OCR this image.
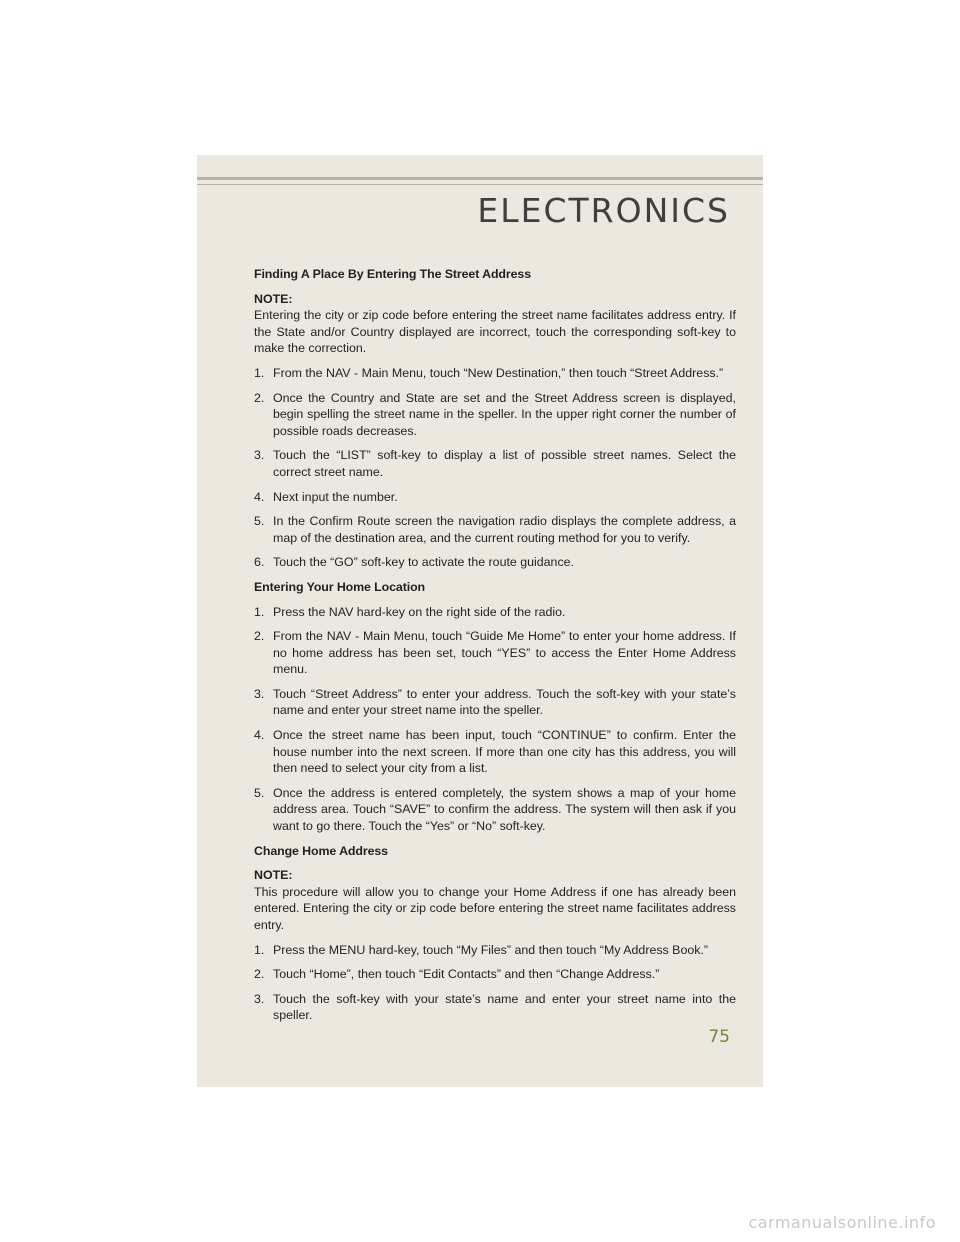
ELECTRONICS

Finding A Place By Entering The Street Address

NOTE:

Entering the city or zip code before entering the street name facilitates address entry. If the State and/or Country displayed are incorrect, touch the corresponding soft-key to make the correction.

1. From the NAV - Main Menu, touch “New Destination,” then touch “Street Address.”
2. Once the Country and State are set and the Street Address screen is displayed, begin spelling the street name in the speller. In the upper right corner the number of possible roads decreases.
3. Touch the “LIST” soft-key to display a list of possible street names. Select the correct street name.
4. Next input the number.
5. In the Confirm Route screen the navigation radio displays the complete address, a map of the destination area, and the current routing method for you to verify.
6. Touch the “GO” soft-key to activate the route guidance.

Entering Your Home Location

1. Press the NAV hard-key on the right side of the radio.
2. From the NAV - Main Menu, touch “Guide Me Home” to enter your home address. If no home address has been set, touch “YES” to access the Enter Home Address menu.
3. Touch “Street Address” to enter your address. Touch the soft-key with your state’s name and enter your street name into the speller.
4. Once the street name has been input, touch “CONTINUE” to confirm. Enter the house number into the next screen. If more than one city has this address, you will then need to select your city from a list.
5. Once the address is entered completely, the system shows a map of your home address area. Touch “SAVE” to confirm the address. The system will then ask if you want to go there. Touch the “Yes” or “No” soft-key.

Change Home Address

NOTE:

This procedure will allow you to change your Home Address if one has already been entered. Entering the city or zip code before entering the street name facilitates address entry.

1. Press the MENU hard-key, touch “My Files” and then touch “My Address Book.”
2. Touch “Home”, then touch “Edit Contacts” and then “Change Address.”
3. Touch the soft-key with your state’s name and enter your street name into the speller.
75
carmanualsonline.info
